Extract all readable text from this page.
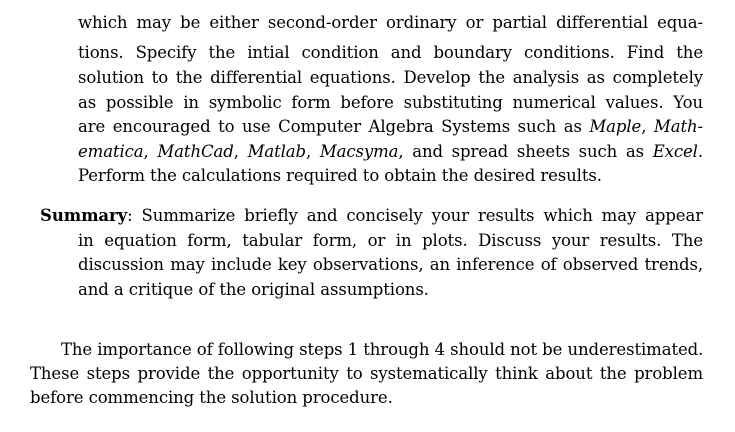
which may be either second-order ordinary or partial differential equa-
tions. Specify the intial condition and boundary conditions. Find the
solution to the differential equations. Develop the analysis as completely
as possible in symbolic form before substituting numerical values. You
are encouraged to use Computer Algebra Systems such as Maple, Math-
ematica, MathCad, Matlab, Macsyma, and spread sheets such as Excel.
Perform the calculations required to obtain the desired results.
Summary: Summarize briefly and concisely your results which may appear
in equation form, tabular form, or in plots. Discuss your results. The
discussion may include key observations, an inference of observed trends,
and a critique of the original assumptions.
The importance of following steps 1 through 4 should not be underestimated.
These steps provide the opportunity to systematically think about the problem
before commencing the solution procedure.
